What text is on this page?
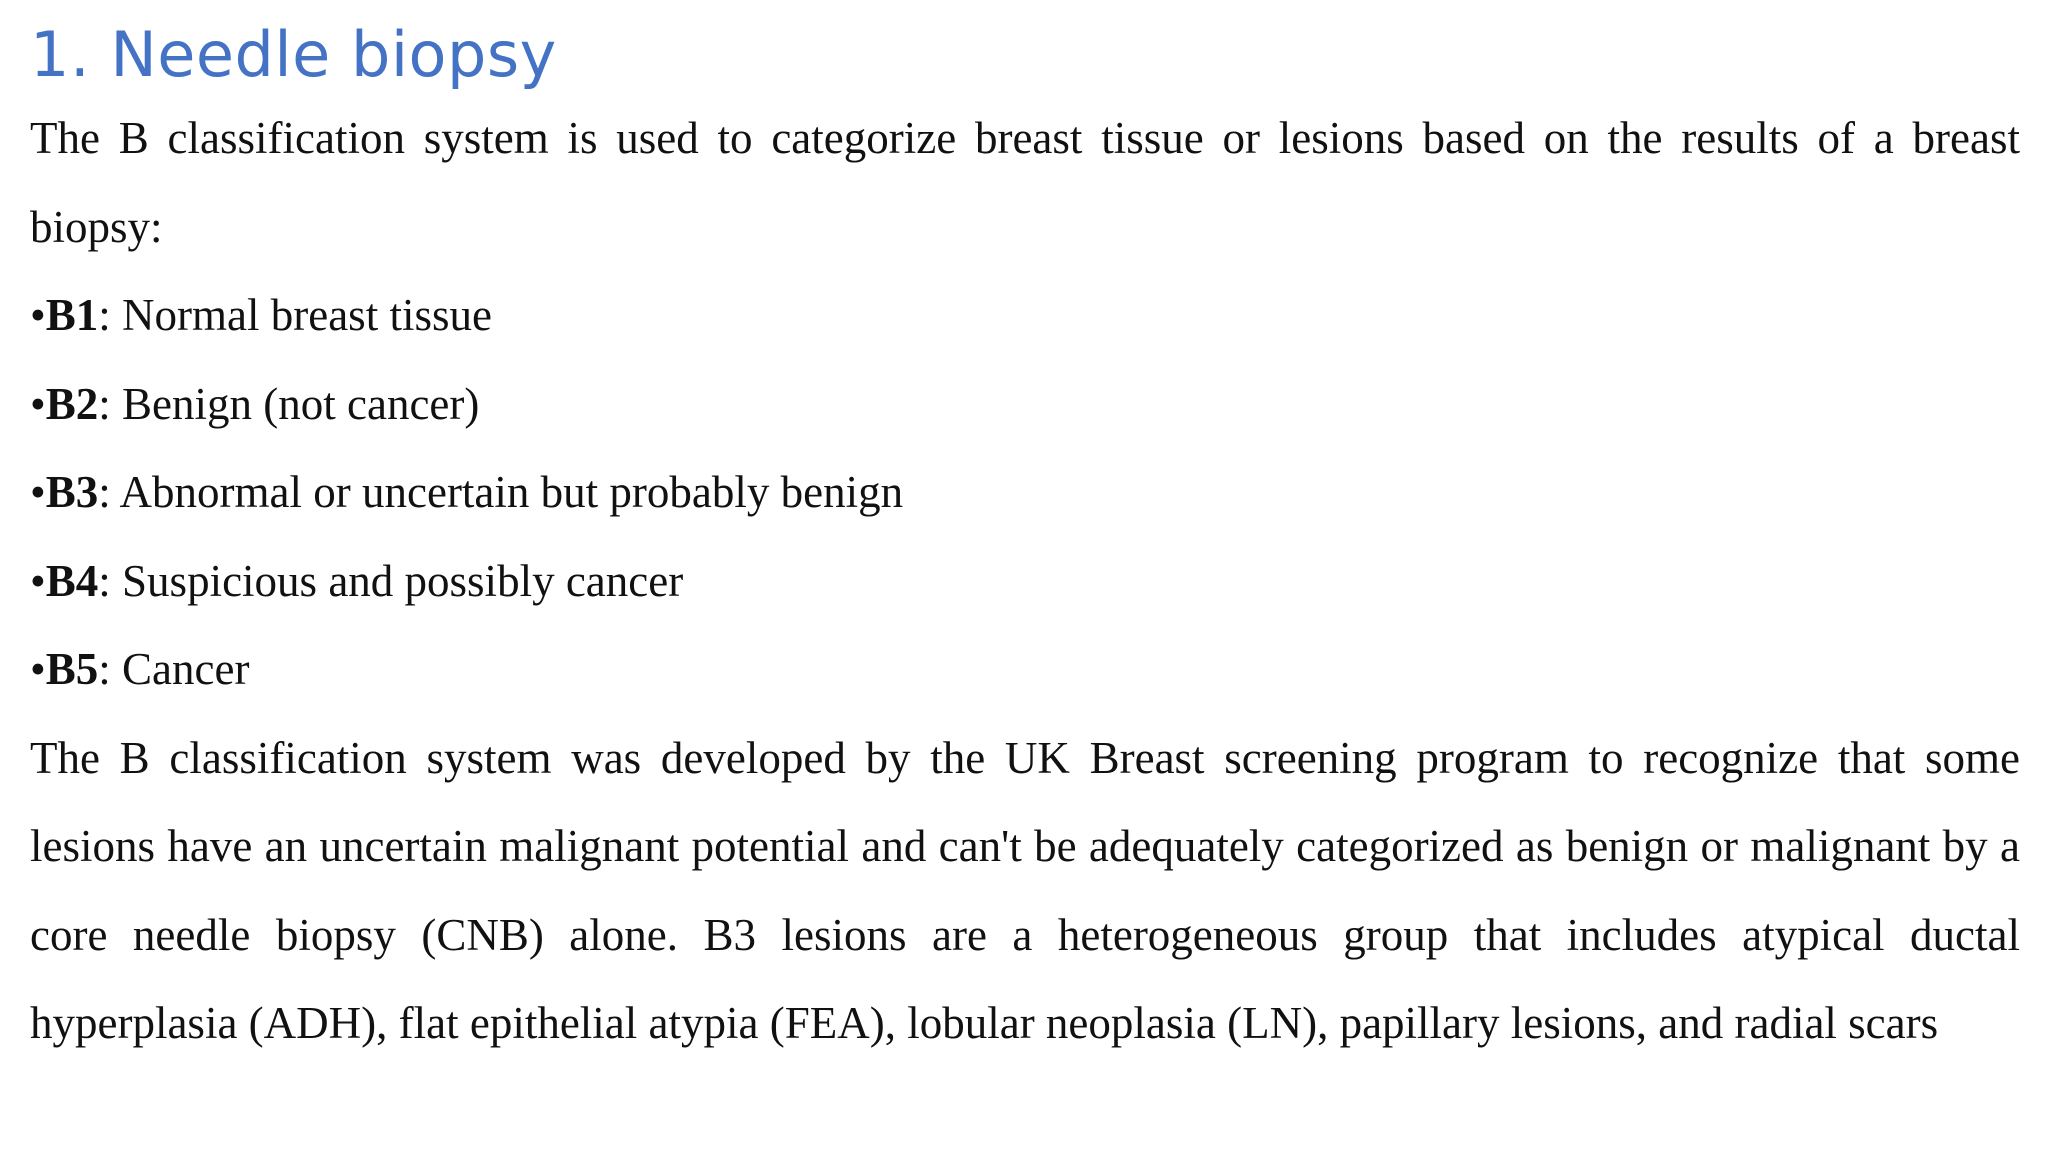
1. Needle biopsy

The B classification system is used to categorize breast tissue or lesions based on the results of a breast biopsy:

•B1: Normal breast tissue
•B2: Benign (not cancer)
•B3: Abnormal or uncertain but probably benign
•B4: Suspicious and possibly cancer
•B5: Cancer

The B classification system was developed by the UK Breast screening program to recognize that some lesions have an uncertain malignant potential and can't be adequately categorized as benign or malignant by a core needle biopsy (CNB) alone. B3 lesions are a heterogeneous group that includes atypical ductal hyperplasia (ADH), flat epithelial atypia (FEA), lobular neoplasia (LN), papillary lesions, and radial scars
